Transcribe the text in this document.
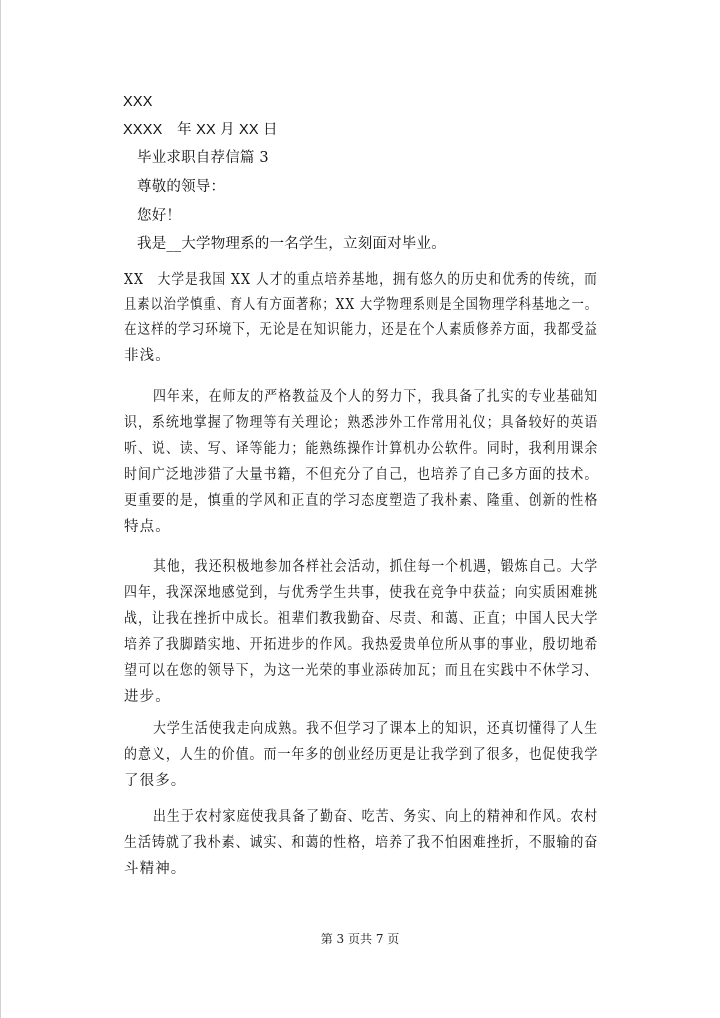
XXX
XXXX　年 XX 月 XX 日
毕业求职自荐信篇 3
尊敬的领导：
您好！
我是__大学物理系的一名学生，立刻面对毕业。
XX　大学是我国 XX 人才的重点培养基地，拥有悠久的历史和优秀的传统，而
且素以治学慎重、育人有方面著称；XX 大学物理系则是全国物理学科基地之一。
在这样的学习环境下，无论是在知识能力，还是在个人素质修养方面，我都受益
非浅。
四年来，在师友的严格教益及个人的努力下，我具备了扎实的专业基础知
识，系统地掌握了物理等有关理论；熟悉涉外工作常用礼仪；具备较好的英语
听、说、读、写、译等能力；能熟练操作计算机办公软件。同时，我利用课余
时间广泛地涉猎了大量书籍，不但充分了自己，也培养了自己多方面的技术。
更重要的是，慎重的学风和正直的学习态度塑造了我朴素、隆重、创新的性格
特点。
其他，我还积极地参加各样社会活动，抓住每一个机遇，锻炼自己。大学
四年，我深深地感觉到，与优秀学生共事，使我在竞争中获益；向实质困难挑
战，让我在挫折中成长。祖辈们教我勤奋、尽责、和蔼、正直；中国人民大学
培养了我脚踏实地、开拓进步的作风。我热爱贵单位所从事的事业，殷切地希
望可以在您的领导下，为这一光荣的事业添砖加瓦；而且在实践中不休学习、
进步。
大学生活使我走向成熟。我不但学习了课本上的知识，还真切懂得了人生
的意义，人生的价值。而一年多的创业经历更是让我学到了很多，也促使我学
了很多。
出生于农村家庭使我具备了勤奋、吃苦、务实、向上的精神和作风。农村
生活铸就了我朴素、诚实、和蔼的性格，培养了我不怕困难挫折，不服输的奋
斗精神。
第 3 页共 7 页
